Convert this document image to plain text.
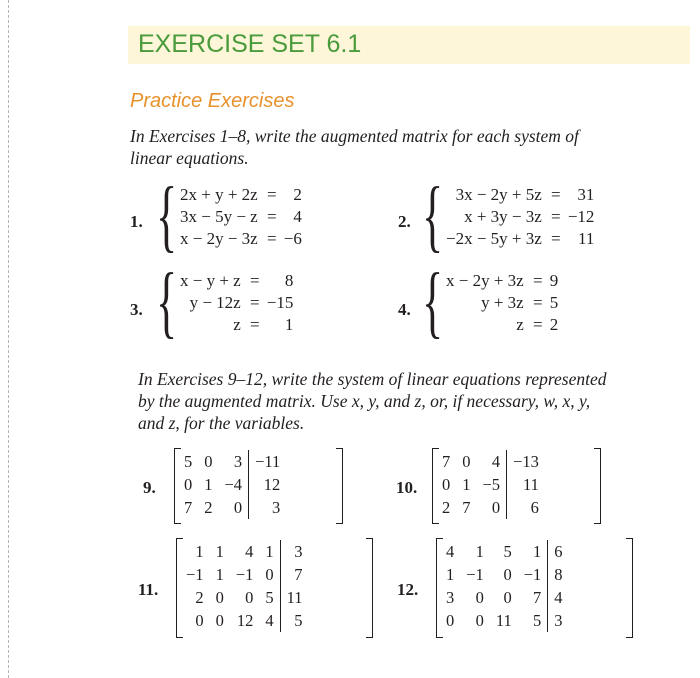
EXERCISE SET 6.1
Practice Exercises
In Exercises 1–8, write the augmented matrix for each system of
linear equations.
1. { 2x + y + 2z	=	2
3x − 5y − z	=	4
x − 2y − 3z	=	−6
2. { 3x − 2y + 5z	=	31
x + 3y − 3z	=	−12
−2x − 5y + 3z	=	11
3. { x − y + z	=	8
y − 12z	=	−15
z	=	1
4. { x − 2y + 3z	=	9
y + 3z	=	5
z	=	2
In Exercises 9–12, write the system of linear equations represented
by the augmented matrix. Use x, y, and z, or, if necessary, w, x, y,
and z, for the variables.
9.
5	0	3	−11
0	1	−4	12
7	2	0	3
10.
7	0	4	−13
0	1	−5	11
2	7	0	6
11.
1	1	4	1	3
−1	1	−1	0	7
2	0	0	5	11
0	0	12	4	5
12.
4	1	5	1	6
1	−1	0	−1	8
3	0	0	7	4
0	0	11	5	3
